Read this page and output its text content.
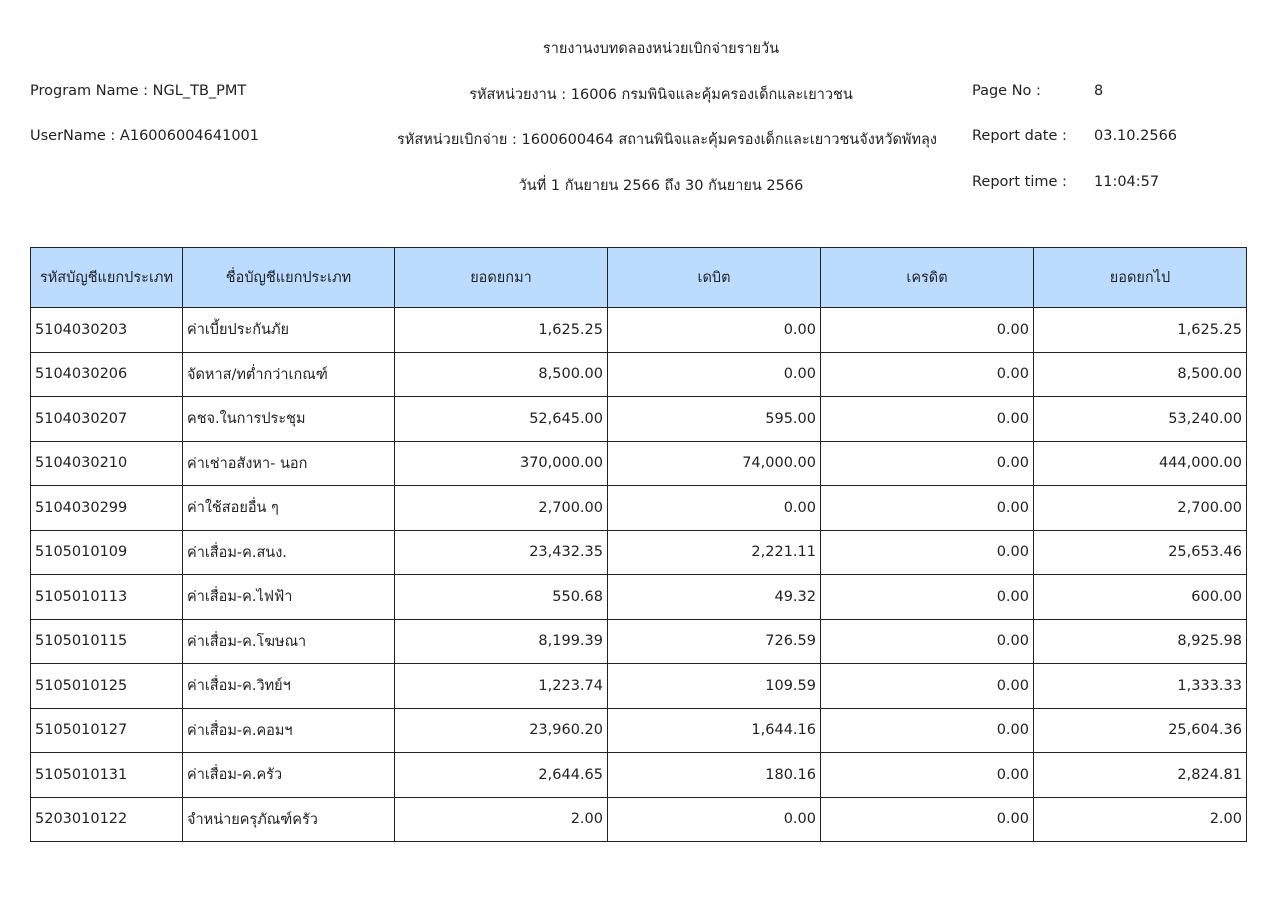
รายงานงบทดลองหน่วยเบิกจ่ายรายวัน
Program Name : NGL_TB_PMT	รหัสหน่วยงาน : 16006 กรมพินิจและคุ้มครองเด็กและเยาวชน	Page No :	8
UserName : A16006004641001	รหัสหน่วยเบิกจ่าย : 1600600464 สถานพินิจและคุ้มครองเด็กและเยาวชนจังหวัดพัทลุง Report date : 03.10.2566
วันที่ 1 กันยายน 2566 ถึง 30 กันยายน 2566	Report time : 11:04:57
รหัสบัญชีแยกประเภท	ชื่อบัญชีแยกประเภท	ยอดยกมา	เดบิต	เครดิต	ยอดยกไป
5104030203	ค่าเบี้ยประกันภัย	1,625.25	0.00	0.00	1,625.25
5104030206	จัดหาส/ทต่ำกว่าเกณฑ์	8,500.00	0.00	0.00	8,500.00
5104030207	คชจ.ในการประชุม	52,645.00	595.00	0.00	53,240.00
5104030210	ค่าเช่าอสังหา- นอก	370,000.00	74,000.00	0.00	444,000.00
5104030299	ค่าใช้สอยอื่น ๆ	2,700.00	0.00	0.00	2,700.00
5105010109	ค่าเสื่อม-ค.สนง.	23,432.35	2,221.11	0.00	25,653.46
5105010113	ค่าเสื่อม-ค.ไฟฟ้า	550.68	49.32	0.00	600.00
5105010115	ค่าเสื่อม-ค.โฆษณา	8,199.39	726.59	0.00	8,925.98
5105010125	ค่าเสื่อม-ค.วิทย์ฯ	1,223.74	109.59	0.00	1,333.33
5105010127	ค่าเสื่อม-ค.คอมฯ	23,960.20	1,644.16	0.00	25,604.36
5105010131	ค่าเสื่อม-ค.ครัว	2,644.65	180.16	0.00	2,824.81
5203010122	จำหน่ายครุภัณฑ์ครัว	2.00	0.00	0.00	2.00
